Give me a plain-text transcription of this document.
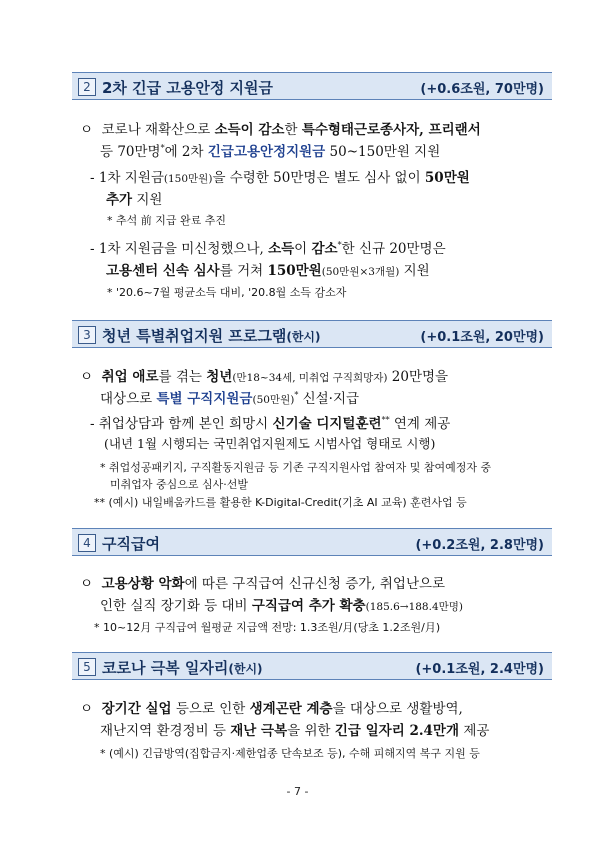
2 2차 긴급 고용안정 지원금	(+0.6조원, 70만명)
ㅇ 코로나 재확산으로 소득이 감소한 특수형태근로종사자, 프리랜서
등 70만명*에 2차 긴급고용안정지원금 50~150만원 지원
- 1차 지원금(150만원)을 수령한 50만명은 별도 심사 없이 50만원
추가 지원
* 추석 前 지급 완료 추진
- 1차 지원금을 미신청했으나, 소득이 감소*한 신규 20만명은
고용센터 신속 심사를 거쳐 150만원(50만원×3개월) 지원
* '20.6~7월 평균소득 대비, '20.8월 소득 감소자
3 청년 특별취업지원 프로그램(한시)	(+0.1조원, 20만명)
ㅇ 취업 애로를 겪는 청년(만18~34세, 미취업 구직희망자) 20만명을
대상으로 특별 구직지원금(50만원)* 신설·지급
- 취업상담과 함께 본인 희망시 신기술 디지털훈련** 연계 제공
(내년 1월 시행되는 국민취업지원제도 시범사업 형태로 시행)
* 취업성공패키지, 구직활동지원금 등 기존 구직지원사업 참여자 및 참여예정자 중
미취업자 중심으로 심사·선발
** (예시) 내일배움카드를 활용한 K-Digital-Credit(기초 AI 교육) 훈련사업 등
4 구직급여	(+0.2조원, 2.8만명)
ㅇ 고용상황 악화에 따른 구직급여 신규신청 증가, 취업난으로
인한 실직 장기화 등 대비 구직급여 추가 확충(185.6→188.4만명)
* 10~12月 구직급여 월평균 지급액 전망: 1.3조원/月(당초 1.2조원/月)
5 코로나 극복 일자리(한시)	(+0.1조원, 2.4만명)
ㅇ 장기간 실업 등으로 인한 생계곤란 계층을 대상으로 생활방역,
재난지역 환경정비 등 재난 극복을 위한 긴급 일자리 2.4만개 제공
* (예시) 긴급방역(집합금지·제한업종 단속보조 등), 수해 피해지역 복구 지원 등
- 7 -
